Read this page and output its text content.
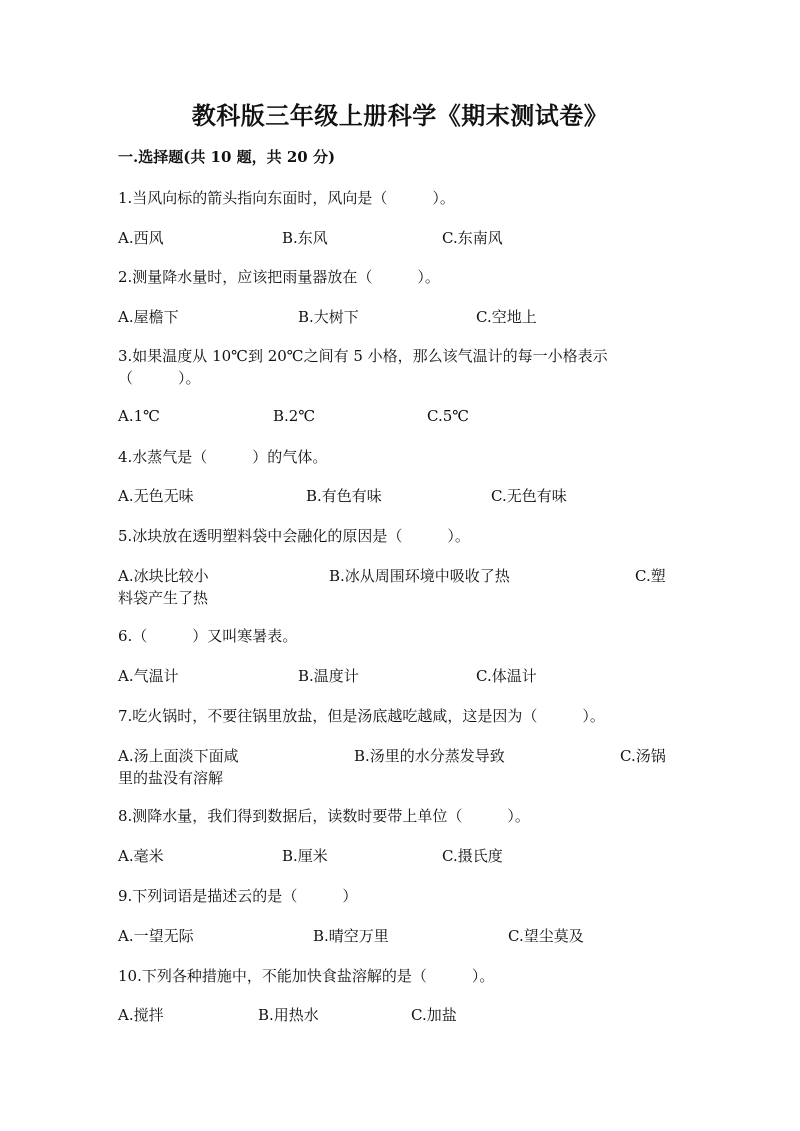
教科版三年级上册科学《期末测试卷》
一.选择题(共 10 题，共 20 分)
1.当风向标的箭头指向东面时，风向是（　　　）。
A.西风	B.东风	C.东南风
2.测量降水量时，应该把雨量器放在（　　　）。
A.屋檐下	B.大树下	C.空地上
3.如果温度从 10℃到 20℃之间有 5 小格，那么该气温计的每一小格表示（　　　）。
A.1℃	B.2℃	C.5℃
4.水蒸气是（　　　）的气体。
A.无色无味	B.有色有味	C.无色有味
5.冰块放在透明塑料袋中会融化的原因是（　　　）。
A.冰块比较小	B.冰从周围环境中吸收了热	C.塑
料袋产生了热
6.（　　　）又叫寒暑表。
A.气温计	B.温度计	C.体温计
7.吃火锅时，不要往锅里放盐，但是汤底越吃越咸，这是因为（　　　）。
A.汤上面淡下面咸	B.汤里的水分蒸发导致	C.汤锅
里的盐没有溶解
8.测降水量，我们得到数据后，读数时要带上单位（　　　）。
A.毫米	B.厘米	C.摄氏度
9.下列词语是描述云的是（　　　）
A.一望无际	B.晴空万里	C.望尘莫及
10.下列各种措施中，不能加快食盐溶解的是（　　　）。
A.搅拌	B.用热水	C.加盐
